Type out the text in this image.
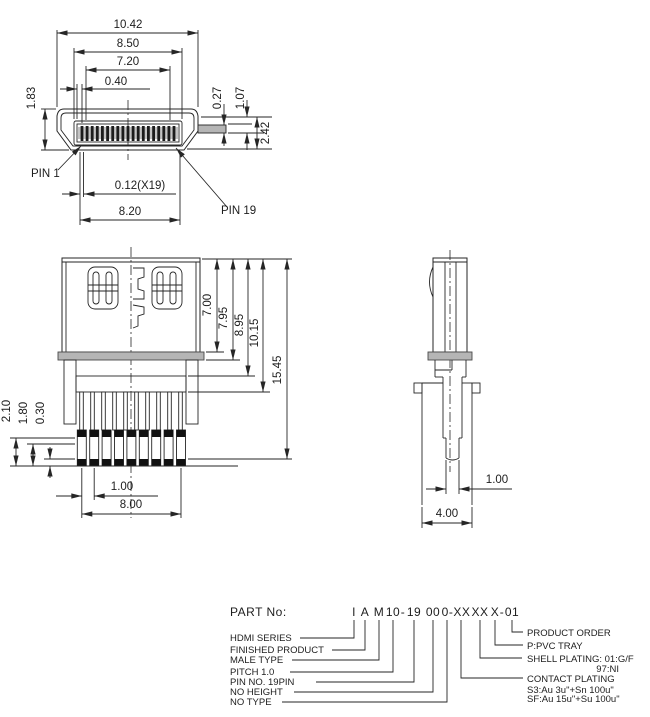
10.42
8.50
7.20
0.40
1.83
PIN 1
0.12(X19)
8.20	PIN 19
0.27 1.07
2.42
7.00
7.95 8.95 10.15
15.45
2.10 1.80 0.30
1.00
8.00
1.00
4.00
PART No:	I A M 10 - 19 00 0-XX XX X - 01
HDMI SERIES
FINISHED PRODUCT
MALE TYPE
PITCH 1.0
PIN NO. 19PIN
NO HEIGHT
NO TYPE
PRODUCT ORDER
P:PVC TRAY
SHELL PLATING: 01:G/F
97:NI
CONTACT PLATING
S3:Au 3u"+Sn 100u"
SF:Au 15u"+Su 100u"
